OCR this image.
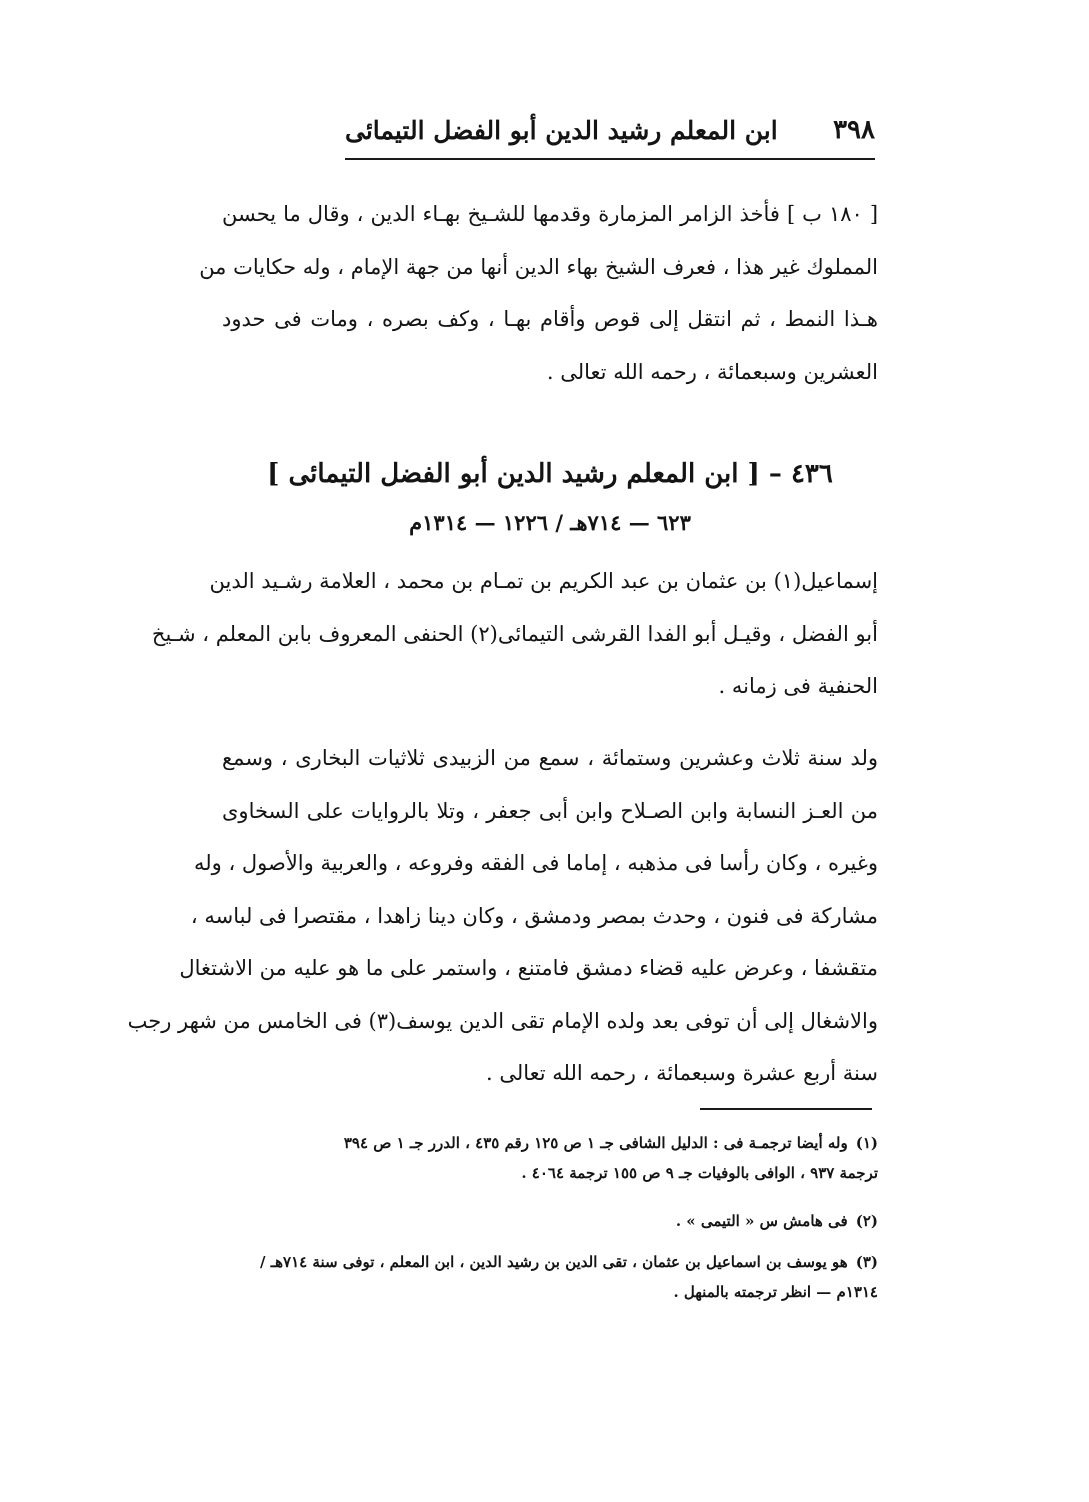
٣٩٨
ابن المعلم رشيد الدين أبو الفضل التيمائى
[ ١٨٠ ب ] فأخذ الزامر المزمارة وقدمها للشـيخ بهـاء الدين ، وقال ما يحسن
المملوك غير هذا ، فعرف الشيخ بهاء الدين أنها من جهة الإمام ، وله حكايات من
هـذا النمط ، ثم انتقل إلى قوص وأقام بهـا ، وكف بصره ، ومات فى حدود
العشرين وسبعمائة ، رحمه الله تعالى .
٤٣٦ – [ ابن المعلم رشيد الدين أبو الفضل التيمائى ]
٦٢٣ — ٧١٤هـ / ١٢٢٦ — ١٣١٤م
إسماعيل(١) بن عثمان بن عبد الكريم بن تمـام بن محمد ، العلامة رشـيد الدين
أبو الفضل ، وقيـل أبو الفدا القرشى التيمائى(٢) الحنفى المعروف بابن المعلم ، شـيخ
الحنفية فى زمانه .
ولد سنة ثلاث وعشرين وستمائة ، سمع من الزبيدى ثلاثيات البخارى ، وسمع
من العـز النسابة وابن الصـلاح وابن أبى جعفر ، وتلا بالروايات على السخاوى
وغيره ، وكان رأسا فى مذهبه ، إماما فى الفقه وفروعه ، والعربية والأصول ، وله
مشاركة فى فنون ، وحدث بمصر ودمشق ، وكان دينا زاهدا ، مقتصرا فى لباسه ،
متقشفا ، وعرض عليه قضاء دمشق فامتنع ، واستمر على ما هو عليه من الاشتغال
والاشغال إلى أن توفى بعد ولده الإمام تقى الدين يوسف(٣) فى الخامس من شهر رجب
سنة أربع عشرة وسبعمائة ، رحمه الله تعالى .
(١)وله أيضا ترجمـة فى : الدليل الشافى جـ ١ ص ١٢٥ رقم ٤٣٥ ، الدرر جـ ١ ص ٣٩٤
ترجمة ٩٣٧ ، الوافى بالوفيات جـ ٩ ص ١٥٥ ترجمة ٤٠٦٤ .
(٢)فى هامش س « التيمى » .
(٣)هو يوسف بن اسماعيل بن عثمان ، تقى الدين بن رشيد الدين ، ابن المعلم ، توفى سنة ٧١٤هـ /
١٣١٤م — انظر ترجمته بالمنهل .
